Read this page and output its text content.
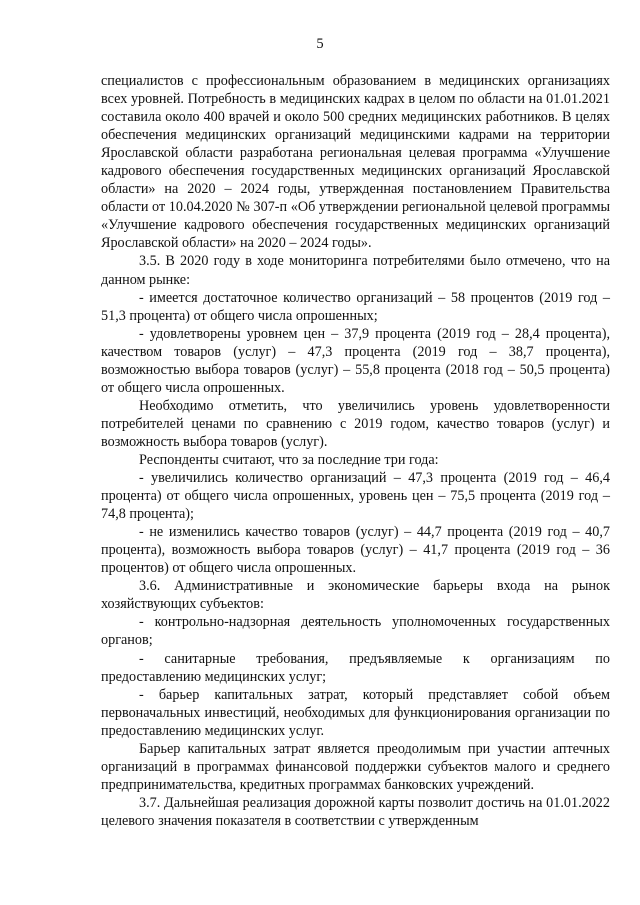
5

специалистов с профессиональным образованием в медицинских организациях всех уровней. Потребность в медицинских кадрах в целом по области на 01.01.2021 составила около 400 врачей и около 500 средних медицинских работников. В целях обеспечения медицинских организаций медицинскими кадрами на территории Ярославской области разработана региональная целевая программа «Улучшение кадрового обеспечения государственных медицинских организаций Ярославской области» на 2020 – 2024 годы, утвержденная постановлением Правительства области от 10.04.2020 № 307-п «Об утверждении региональной целевой программы «Улучшение кадрового обеспечения государственных медицинских организаций Ярославской области» на 2020 – 2024 годы».

3.5. В 2020 году в ходе мониторинга потребителями было отмечено, что на данном рынке:

- имеется достаточное количество организаций – 58 процентов (2019 год – 51,3 процента) от общего числа опрошенных;

- удовлетворены уровнем цен – 37,9 процента (2019 год – 28,4 процента), качеством товаров (услуг) – 47,3 процента (2019 год – 38,7 процента), возможностью выбора товаров (услуг) – 55,8 процента (2018 год – 50,5 процента) от общего числа опрошенных.

Необходимо отметить, что увеличились уровень удовлетворенности потребителей ценами по сравнению с 2019 годом, качество товаров (услуг) и возможность выбора товаров (услуг).

Респонденты считают, что за последние три года:

- увеличились количество организаций – 47,3 процента (2019 год – 46,4 процента) от общего числа опрошенных, уровень цен – 75,5 процента (2019 год – 74,8 процента);

- не изменились качество товаров (услуг) – 44,7 процента (2019 год – 40,7 процента), возможность выбора товаров (услуг) – 41,7 процента (2019 год – 36 процентов) от общего числа опрошенных.

3.6. Административные и экономические барьеры входа на рынок хозяйствующих субъектов:

- контрольно-надзорная деятельность уполномоченных государственных органов;

- санитарные требования, предъявляемые к организациям по предоставлению медицинских услуг;

- барьер капитальных затрат, который представляет собой объем первоначальных инвестиций, необходимых для функционирования организации по предоставлению медицинских услуг.

Барьер капитальных затрат является преодолимым при участии аптечных организаций в программах финансовой поддержки субъектов малого и среднего предпринимательства, кредитных программах банковских учреждений.

3.7. Дальнейшая реализация дорожной карты позволит достичь на 01.01.2022 целевого значения показателя в соответствии с утвержденным
